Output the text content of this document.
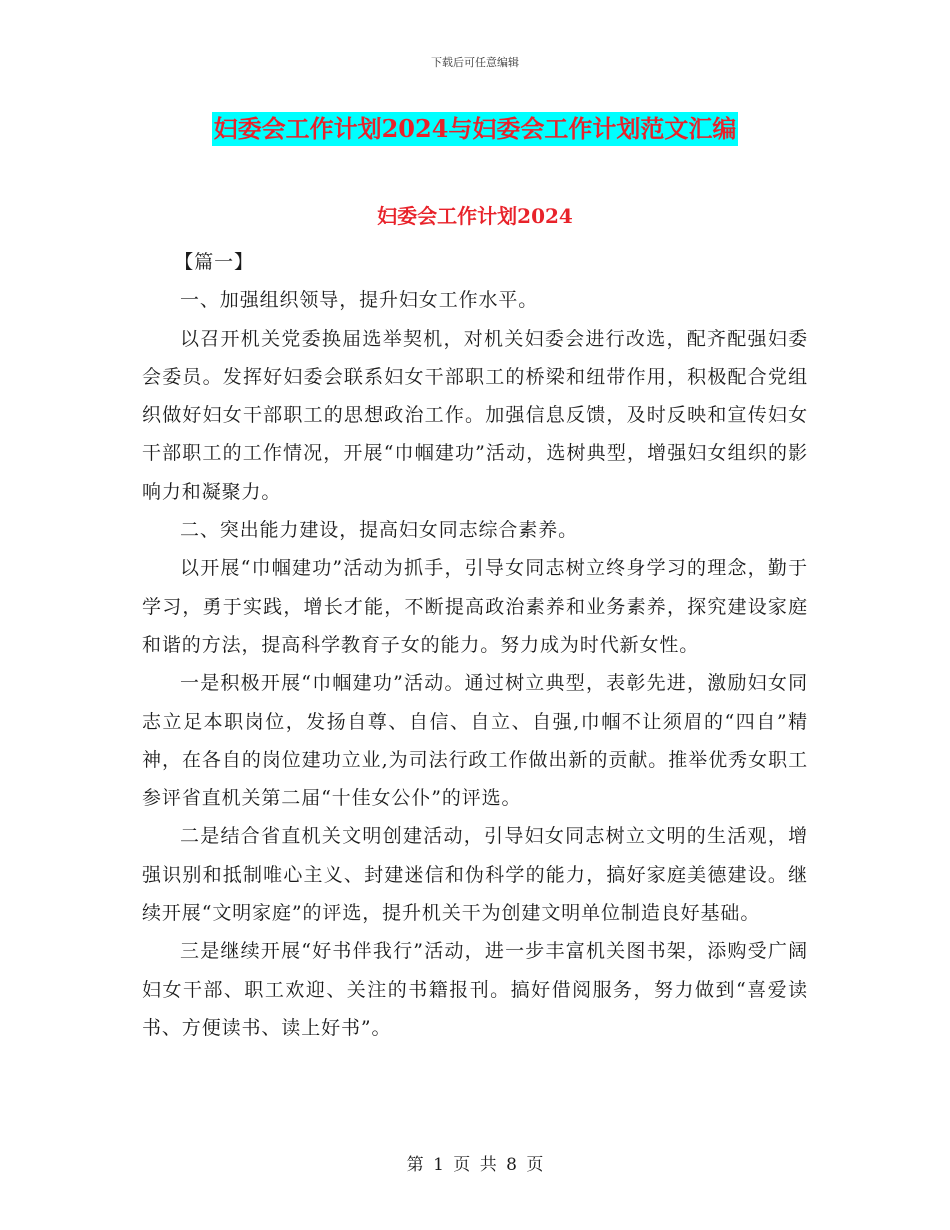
下载后可任意编辑
妇委会工作计划2024与妇委会工作计划范文汇编
妇委会工作计划2024

【篇一】

一、加强组织领导，提升妇女工作水平。

以召开机关党委换届选举契机，对机关妇委会进行改选，配齐配强妇委会委员。发挥好妇委会联系妇女干部职工的桥梁和纽带作用，积极配合党组织做好妇女干部职工的思想政治工作。加强信息反馈，及时反映和宣传妇女干部职工的工作情况，开展“巾帼建功”活动，选树典型，增强妇女组织的影响力和凝聚力。

二、突出能力建设，提高妇女同志综合素养。

以开展“巾帼建功”活动为抓手，引导女同志树立终身学习的理念，勤于学习，勇于实践，增长才能，不断提高政治素养和业务素养，探究建设家庭和谐的方法，提高科学教育子女的能力。努力成为时代新女性。

一是积极开展“巾帼建功”活动。通过树立典型，表彰先进，激励妇女同志立足本职岗位，发扬自尊、自信、自立、自强,巾帼不让须眉的“四自”精神，在各自的岗位建功立业,为司法行政工作做出新的贡献。推举优秀女职工参评省直机关第二届“十佳女公仆”的评选。

二是结合省直机关文明创建活动，引导妇女同志树立文明的生活观，增强识别和抵制唯心主义、封建迷信和伪科学的能力，搞好家庭美德建设。继续开展“文明家庭”的评选，提升机关干为创建文明单位制造良好基础。

三是继续开展“好书伴我行”活动，进一步丰富机关图书架，添购受广阔妇女干部、职工欢迎、关注的书籍报刊。搞好借阅服务，努力做到“喜爱读书、方便读书、读上好书”。

第 1 页 共 8 页
